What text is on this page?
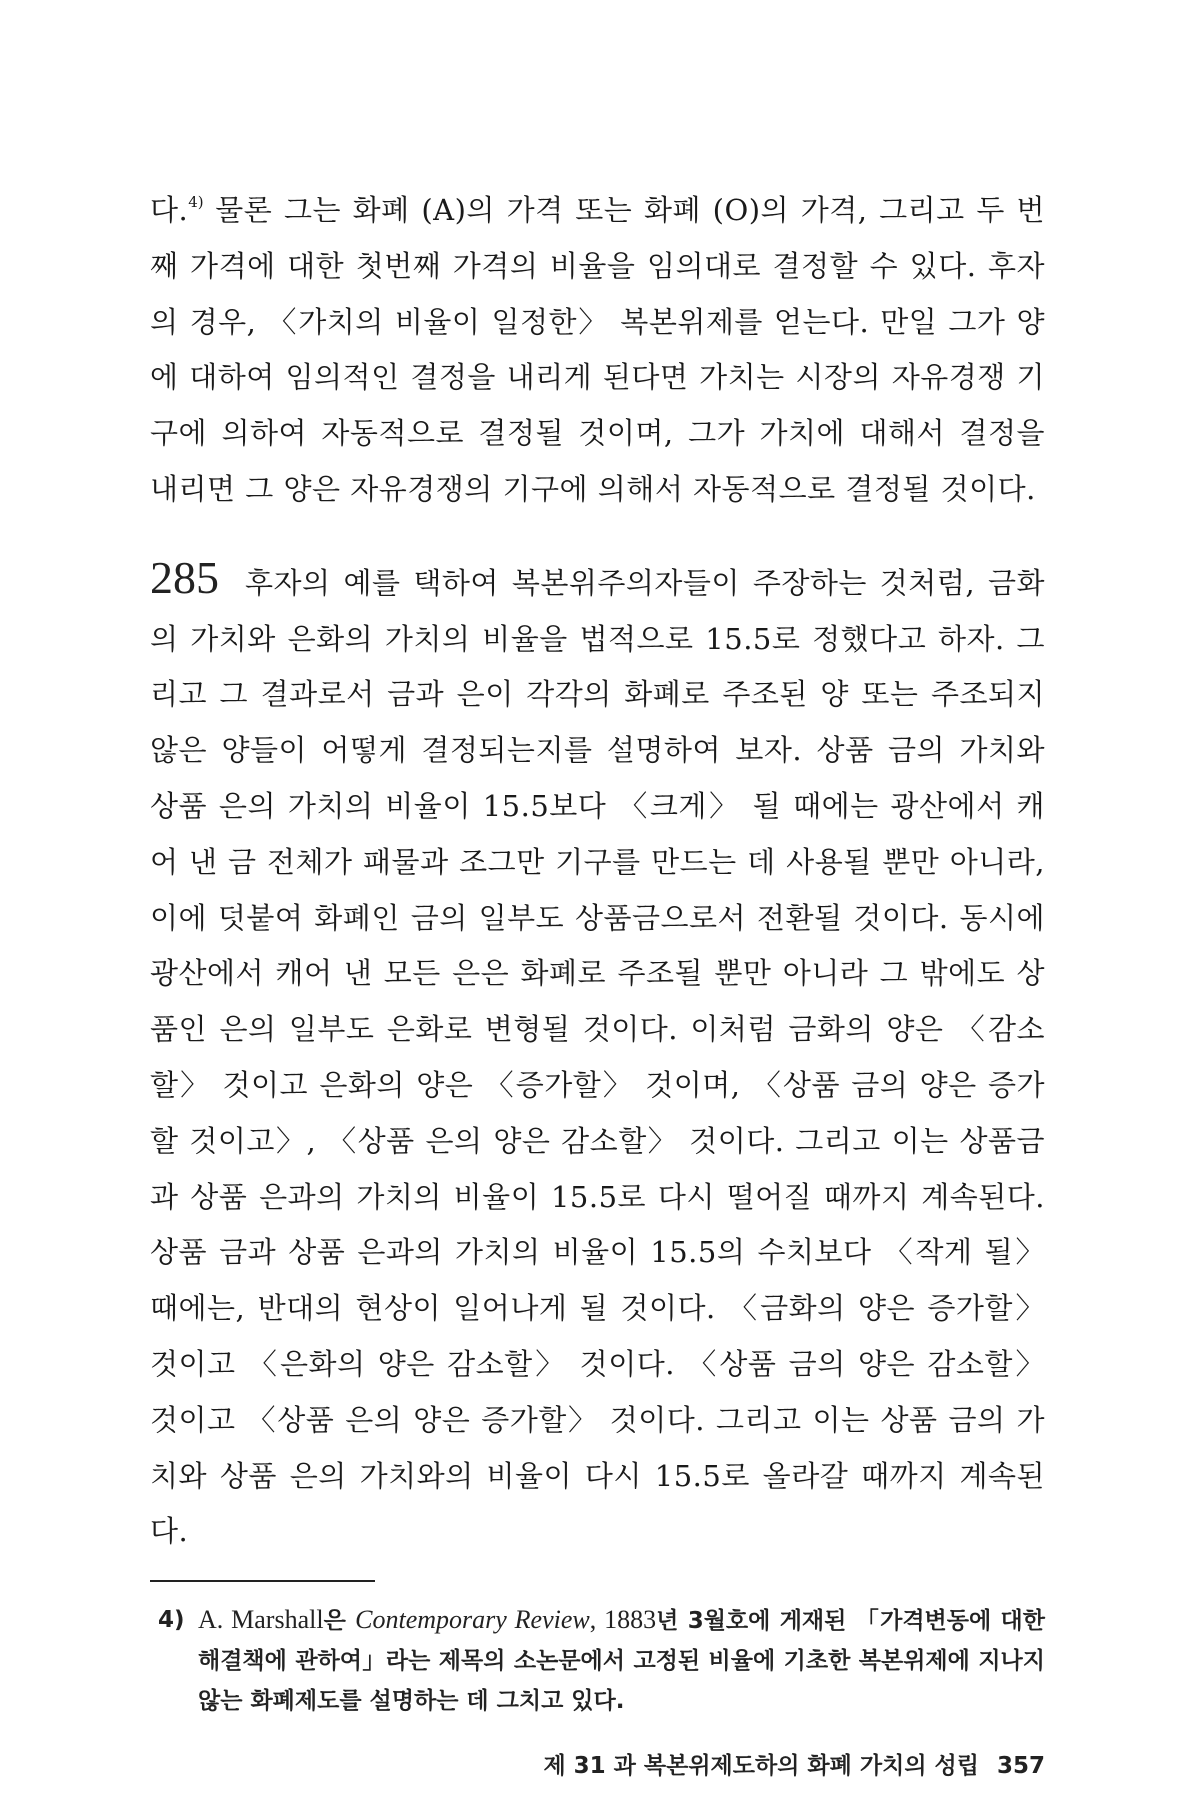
다.$^{4)}$ 물론 그는 화폐 (A)의 가격 또는 화폐 (O)의 가격, 그리고 두 번째 가격에 대한 첫번째 가격의 비율을 임의대로 결정할 수 있다. 후자의 경우, 〈가치의 비율이 일정한〉 복본위제를 얻는다. 만일 그가 양에 대하여 임의적인 결정을 내리게 된다면 가치는 시장의 자유경쟁 기구에 의하여 자동적으로 결정될 것이며, 그가 가치에 대해서 결정을 내리면 그 양은 자유경쟁의 기구에 의해서 자동적으로 결정될 것이다.

285 후자의 예를 택하여 복본위주의자들이 주장하는 것처럼, 금화의 가치와 은화의 가치의 비율을 법적으로 15.5로 정했다고 하자. 그리고 그 결과로서 금과 은이 각각의 화폐로 주조된 양 또는 주조되지 않은 양들이 어떻게 결정되는지를 설명하여 보자. 상품 금의 가치와 상품 은의 가치의 비율이 15.5보다 〈크게〉 될 때에는 광산에서 캐어 낸 금 전체가 패물과 조그만 기구를 만드는 데 사용될 뿐만 아니라, 이에 덧붙여 화폐인 금의 일부도 상품금으로서 전환될 것이다. 동시에 광산에서 캐어 낸 모든 은은 화폐로 주조될 뿐만 아니라 그 밖에도 상품인 은의 일부도 은화로 변형될 것이다. 이처럼 금화의 양은 〈감소할〉 것이고 은화의 양은 〈증가할〉 것이며, 〈상품 금의 양은 증가할 것이고〉, 〈상품 은의 양은 감소할〉 것이다. 그리고 이는 상품금과 상품 은과의 가치의 비율이 15.5로 다시 떨어질 때까지 계속된다. 상품 금과 상품 은과의 가치의 비율이 15.5의 수치보다 〈작게 될〉 때에는, 반대의 현상이 일어나게 될 것이다. 〈금화의 양은 증가할〉 것이고 〈은화의 양은 감소할〉 것이다. 〈상품 금의 양은 감소할〉 것이고 〈상품 은의 양은 증가할〉 것이다. 그리고 이는 상품 금의 가치와 상품 은의 가치와의 비율이 다시 15.5로 올라갈 때까지 계속된다.

4) A. Marshall은 Contemporary Review, 1883년 3월호에 게재된 「가격변동에 대한 해결책에 관하여」라는 제목의 소논문에서 고정된 비율에 기초한 복본위제에 지나지 않는 화폐제도를 설명하는 데 그치고 있다.
제 31 과 복본위제도하의 화폐 가치의 성립 357
